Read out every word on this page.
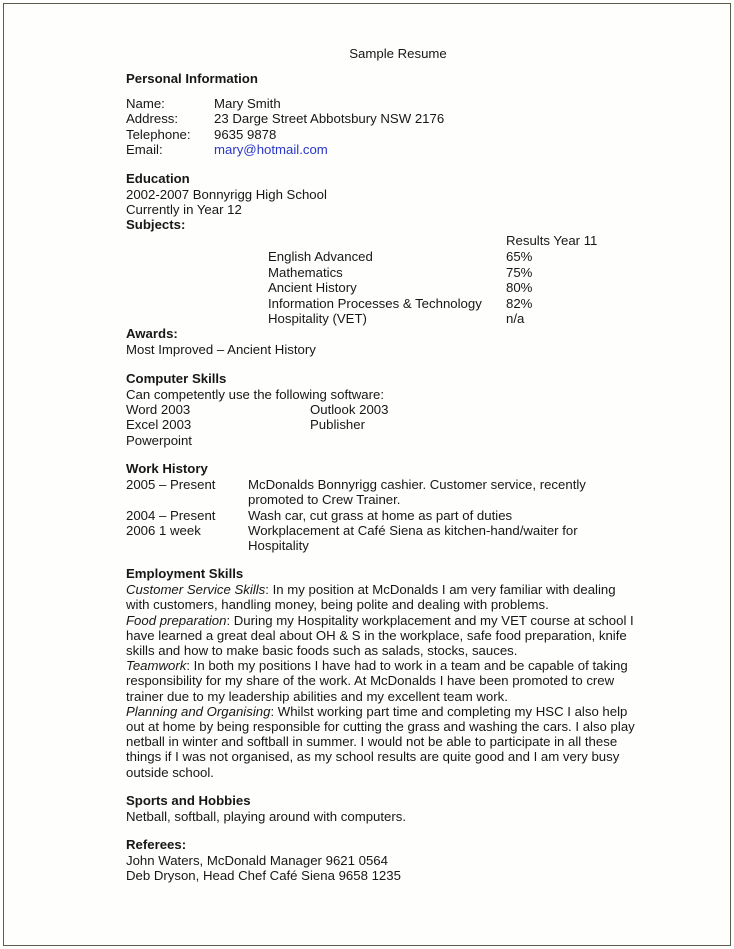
Sample Resume
Personal Information
Name:	Mary Smith
Address:	23 Darge Street Abbotsbury NSW 2176
Telephone:	9635 9878
Email:	mary@hotmail.com
Education
2002-2007 Bonnyrigg High School
Currently in Year 12
Subjects:
		Results Year 11
	English Advanced	65%
	Mathematics	75%
	Ancient History	80%
	Information Processes & Technology	82%
	Hospitality (VET)	n/a
Awards:
Most Improved – Ancient History
Computer Skills
Can competently use the following software:
Word 2003	Outlook 2003
Excel 2003	Publisher
Powerpoint	
Work History
2005 – Present	McDonalds Bonnyrigg cashier. Customer service, recently promoted to Crew Trainer.
2004 – Present	Wash car, cut grass at home as part of duties
2006 1 week	Workplacement at Café Siena as kitchen-hand/waiter for Hospitality
Employment Skills

Customer Service Skills: In my position at McDonalds I am very familiar with dealing with customers, handling money, being polite and dealing with problems.

Food preparation: During my Hospitality workplacement and my VET course at school I have learned a great deal about OH & S in the workplace, safe food preparation, knife skills and how to make basic foods such as salads, stocks, sauces.

Teamwork: In both my positions I have had to work in a team and be capable of taking responsibility for my share of the work. At McDonalds I have been promoted to crew trainer due to my leadership abilities and my excellent team work.

Planning and Organising: Whilst working part time and completing my HSC I also help out at home by being responsible for cutting the grass and washing the cars. I also play netball in winter and softball in summer. I would not be able to participate in all these things if I was not organised, as my school results are quite good and I am very busy outside school.

Sports and Hobbies
Netball, softball, playing around with computers.
Referees:
John Waters, McDonald Manager 9621 0564
Deb Dryson, Head Chef Café Siena 9658 1235
